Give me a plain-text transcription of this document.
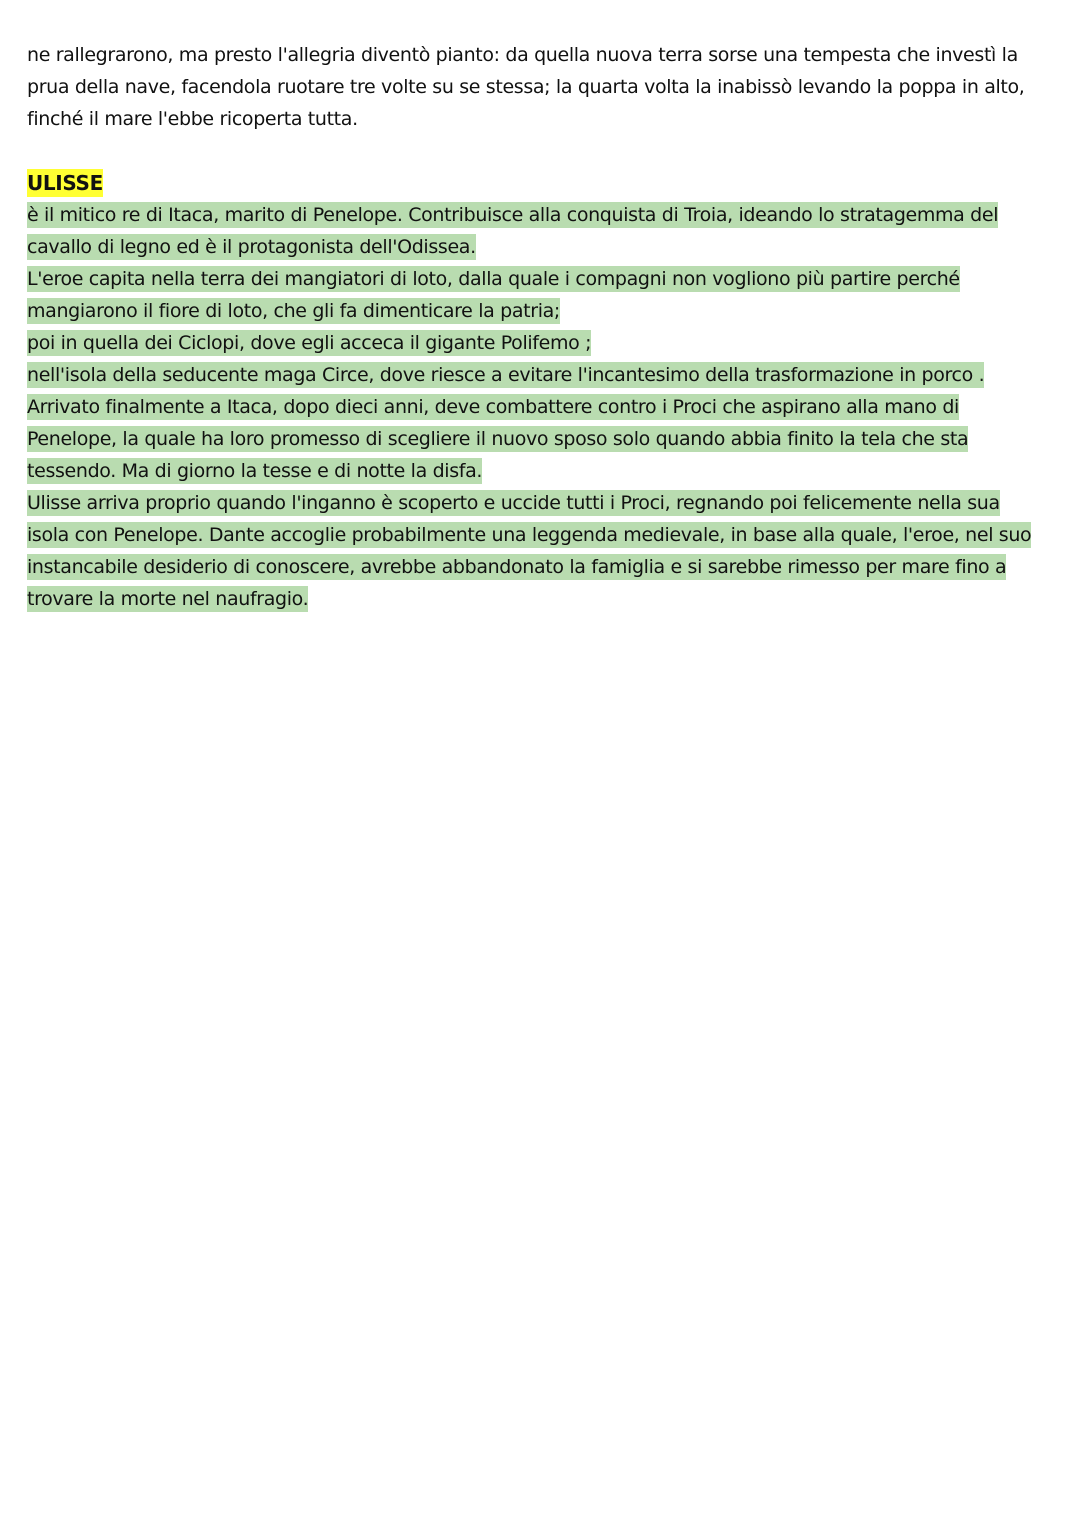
ne rallegrarono, ma presto l'allegria diventò pianto: da quella nuova terra sorse una tempesta che investì la
prua della nave, facendola ruotare tre volte su se stessa; la quarta volta la inabissò levando la poppa in alto,
finché il mare l'ebbe ricoperta tutta.
ULISSE
è il mitico re di Itaca, marito di Penelope. Contribuisce alla conquista di Troia, ideando lo stratagemma del
cavallo di legno ed è il protagonista dell'Odissea.
L'eroe capita nella terra dei mangiatori di loto, dalla quale i compagni non vogliono più partire perché
mangiarono il fiore di loto, che gli fa dimenticare la patria;
poi in quella dei Ciclopi, dove egli acceca il gigante Polifemo ;
nell'isola della seducente maga Circe, dove riesce a evitare l'incantesimo della trasformazione in porco .
Arrivato finalmente a Itaca, dopo dieci anni, deve combattere contro i Proci che aspirano alla mano di
Penelope, la quale ha loro promesso di scegliere il nuovo sposo solo quando abbia finito la tela che sta
tessendo. Ma di giorno la tesse e di notte la disfa.
Ulisse arriva proprio quando l'inganno è scoperto e uccide tutti i Proci, regnando poi felicemente nella sua
isola con Penelope. Dante accoglie probabilmente una leggenda medievale, in base alla quale, l'eroe, nel suo
instancabile desiderio di conoscere, avrebbe abbandonato la famiglia e si sarebbe rimesso per mare fino a
trovare la morte nel naufragio.
